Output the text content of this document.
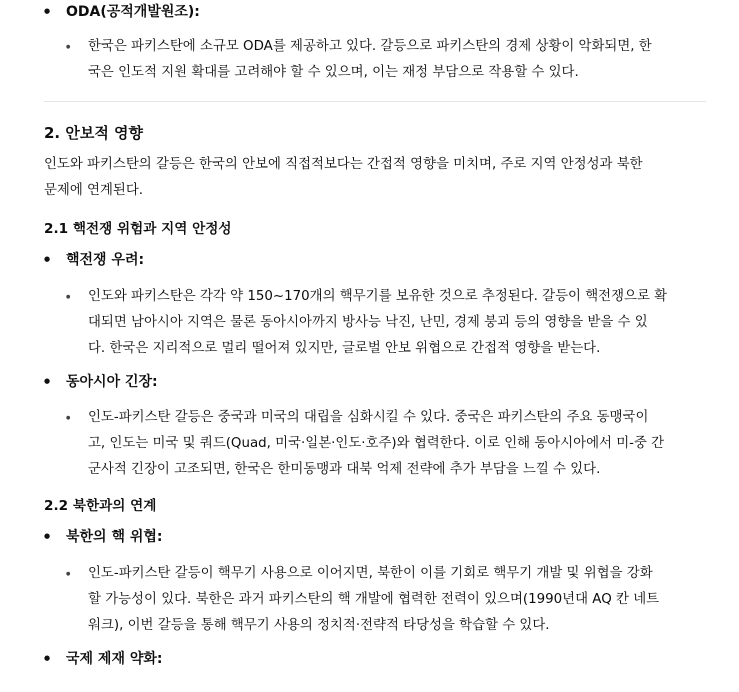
● ODA(공적개발원조):
● 한국은 파키스탄에 소규모 ODA를 제공하고 있다. 갈등으로 파키스탄의 경제 상황이 악화되면, 한
국은 인도적 지원 확대를 고려해야 할 수 있으며, 이는 재정 부담으로 작용할 수 있다.
2. 안보적 영향
인도와 파키스탄의 갈등은 한국의 안보에 직접적보다는 간접적 영향을 미치며, 주로 지역 안정성과 북한
문제에 연계된다.
2.1 핵전쟁 위험과 지역 안정성
● 핵전쟁 우려:
● 인도와 파키스탄은 각각 약 150~170개의 핵무기를 보유한 것으로 추정된다. 갈등이 핵전쟁으로 확
대되면 남아시아 지역은 물론 동아시아까지 방사능 낙진, 난민, 경제 붕괴 등의 영향을 받을 수 있
다. 한국은 지리적으로 멀리 떨어져 있지만, 글로벌 안보 위협으로 간접적 영향을 받는다.
● 동아시아 긴장:
● 인도-파키스탄 갈등은 중국과 미국의 대립을 심화시킬 수 있다. 중국은 파키스탄의 주요 동맹국이
고, 인도는 미국 및 쿼드(Quad, 미국·일본·인도·호주)와 협력한다. 이로 인해 동아시아에서 미-중 간
군사적 긴장이 고조되면, 한국은 한미동맹과 대북 억제 전략에 추가 부담을 느낄 수 있다.
2.2 북한과의 연계
● 북한의 핵 위협:
● 인도-파키스탄 갈등이 핵무기 사용으로 이어지면, 북한이 이를 기회로 핵무기 개발 및 위협을 강화
할 가능성이 있다. 북한은 과거 파키스탄의 핵 개발에 협력한 전력이 있으며(1990년대 AQ 칸 네트
워크), 이번 갈등을 통해 핵무기 사용의 정치적·전략적 타당성을 학습할 수 있다.
● 국제 제재 약화:
